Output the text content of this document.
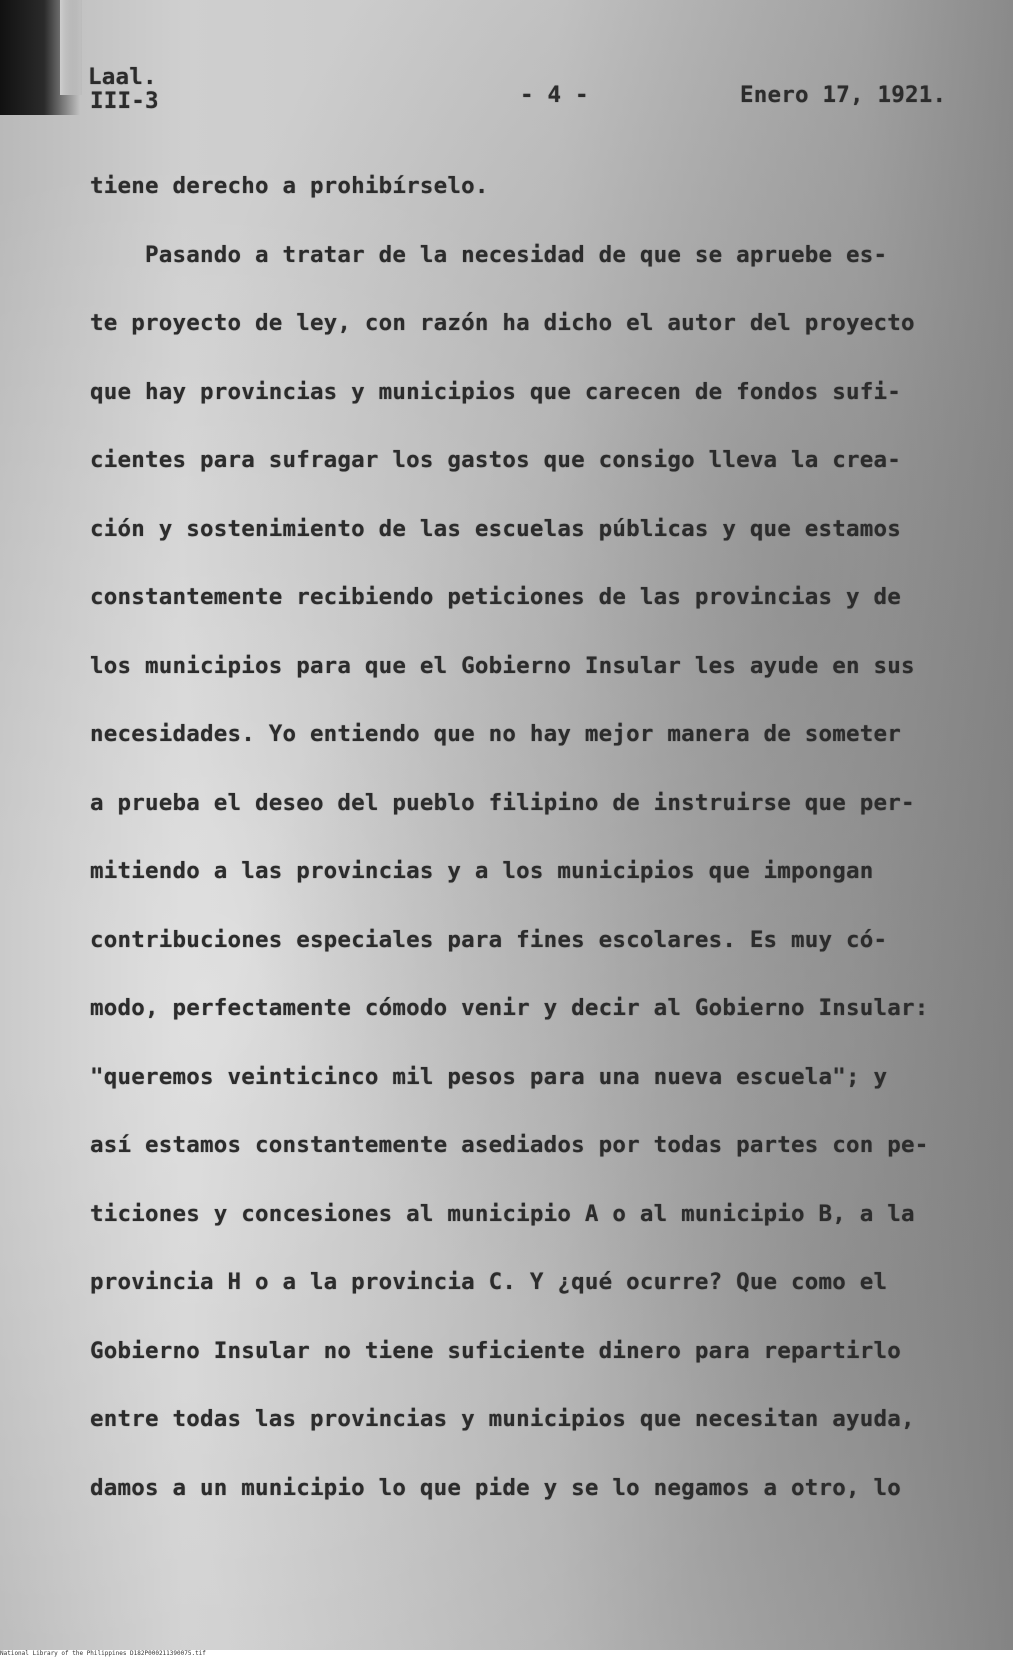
Laal.
III-3	- 4 -	Enero 17, 1921.
tiene derecho a prohibírselo.
Pasando a tratar de la necesidad de que se apruebe es-
te proyecto de ley, con razón ha dicho el autor del proyecto
que hay provincias y municipios que carecen de fondos sufi-
cientes para sufragar los gastos que consigo lleva la crea-
ción y sostenimiento de las escuelas públicas y que estamos
constantemente recibiendo peticiones de las provincias y de
los municipios para que el Gobierno Insular les ayude en sus
necesidades. Yo entiendo que no hay mejor manera de someter
a prueba el deseo del pueblo filipino de instruirse que per-
mitiendo a las provincias y a los municipios que impongan
contribuciones especiales para fines escolares. Es muy có-
modo, perfectamente cómodo venir y decir al Gobierno Insular:
"queremos veinticinco mil pesos para una nueva escuela"; y
así estamos constantemente asediados por todas partes con pe-
ticiones y concesiones al municipio A o al municipio B, a la
provincia H o a la provincia C. Y ¿qué ocurre? Que como el
Gobierno Insular no tiene suficiente dinero para repartirlo
entre todas las provincias y municipios que necesitan ayuda,
damos a un municipio lo que pide y se lo negamos a otro, lo
National Library of the Philippines D182P000211390075.tif
